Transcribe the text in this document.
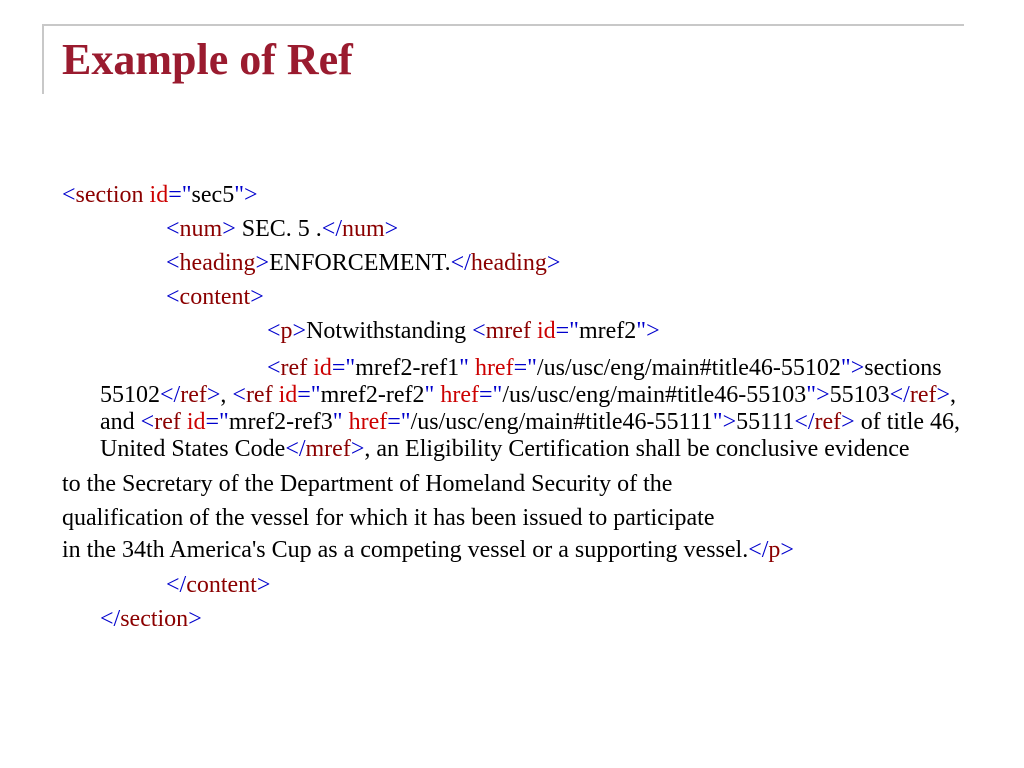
Example of Ref
<section id="sec5">
<num> SEC. 5 .</num>
<heading>ENFORCEMENT.</heading>
<content>
<p>Notwithstanding <mref id="mref2">
<ref id="mref2-ref1" href="/us/usc/eng/main#title46-55102">sections 55102</ref>, <ref id="mref2-ref2" href="/us/usc/eng/main#title46-55103">55103</ref>, and <ref id="mref2-ref3" href="/us/usc/eng/main#title46-55111">55111</ref> of title 46, United States Code</mref>, an Eligibility Certification shall be conclusive evidence
to the Secretary of the Department of Homeland Security of the
qualification of the vessel for which it has been issued to participate
in the 34th America's Cup as a competing vessel or a supporting vessel.</p>
</content>
</section>
